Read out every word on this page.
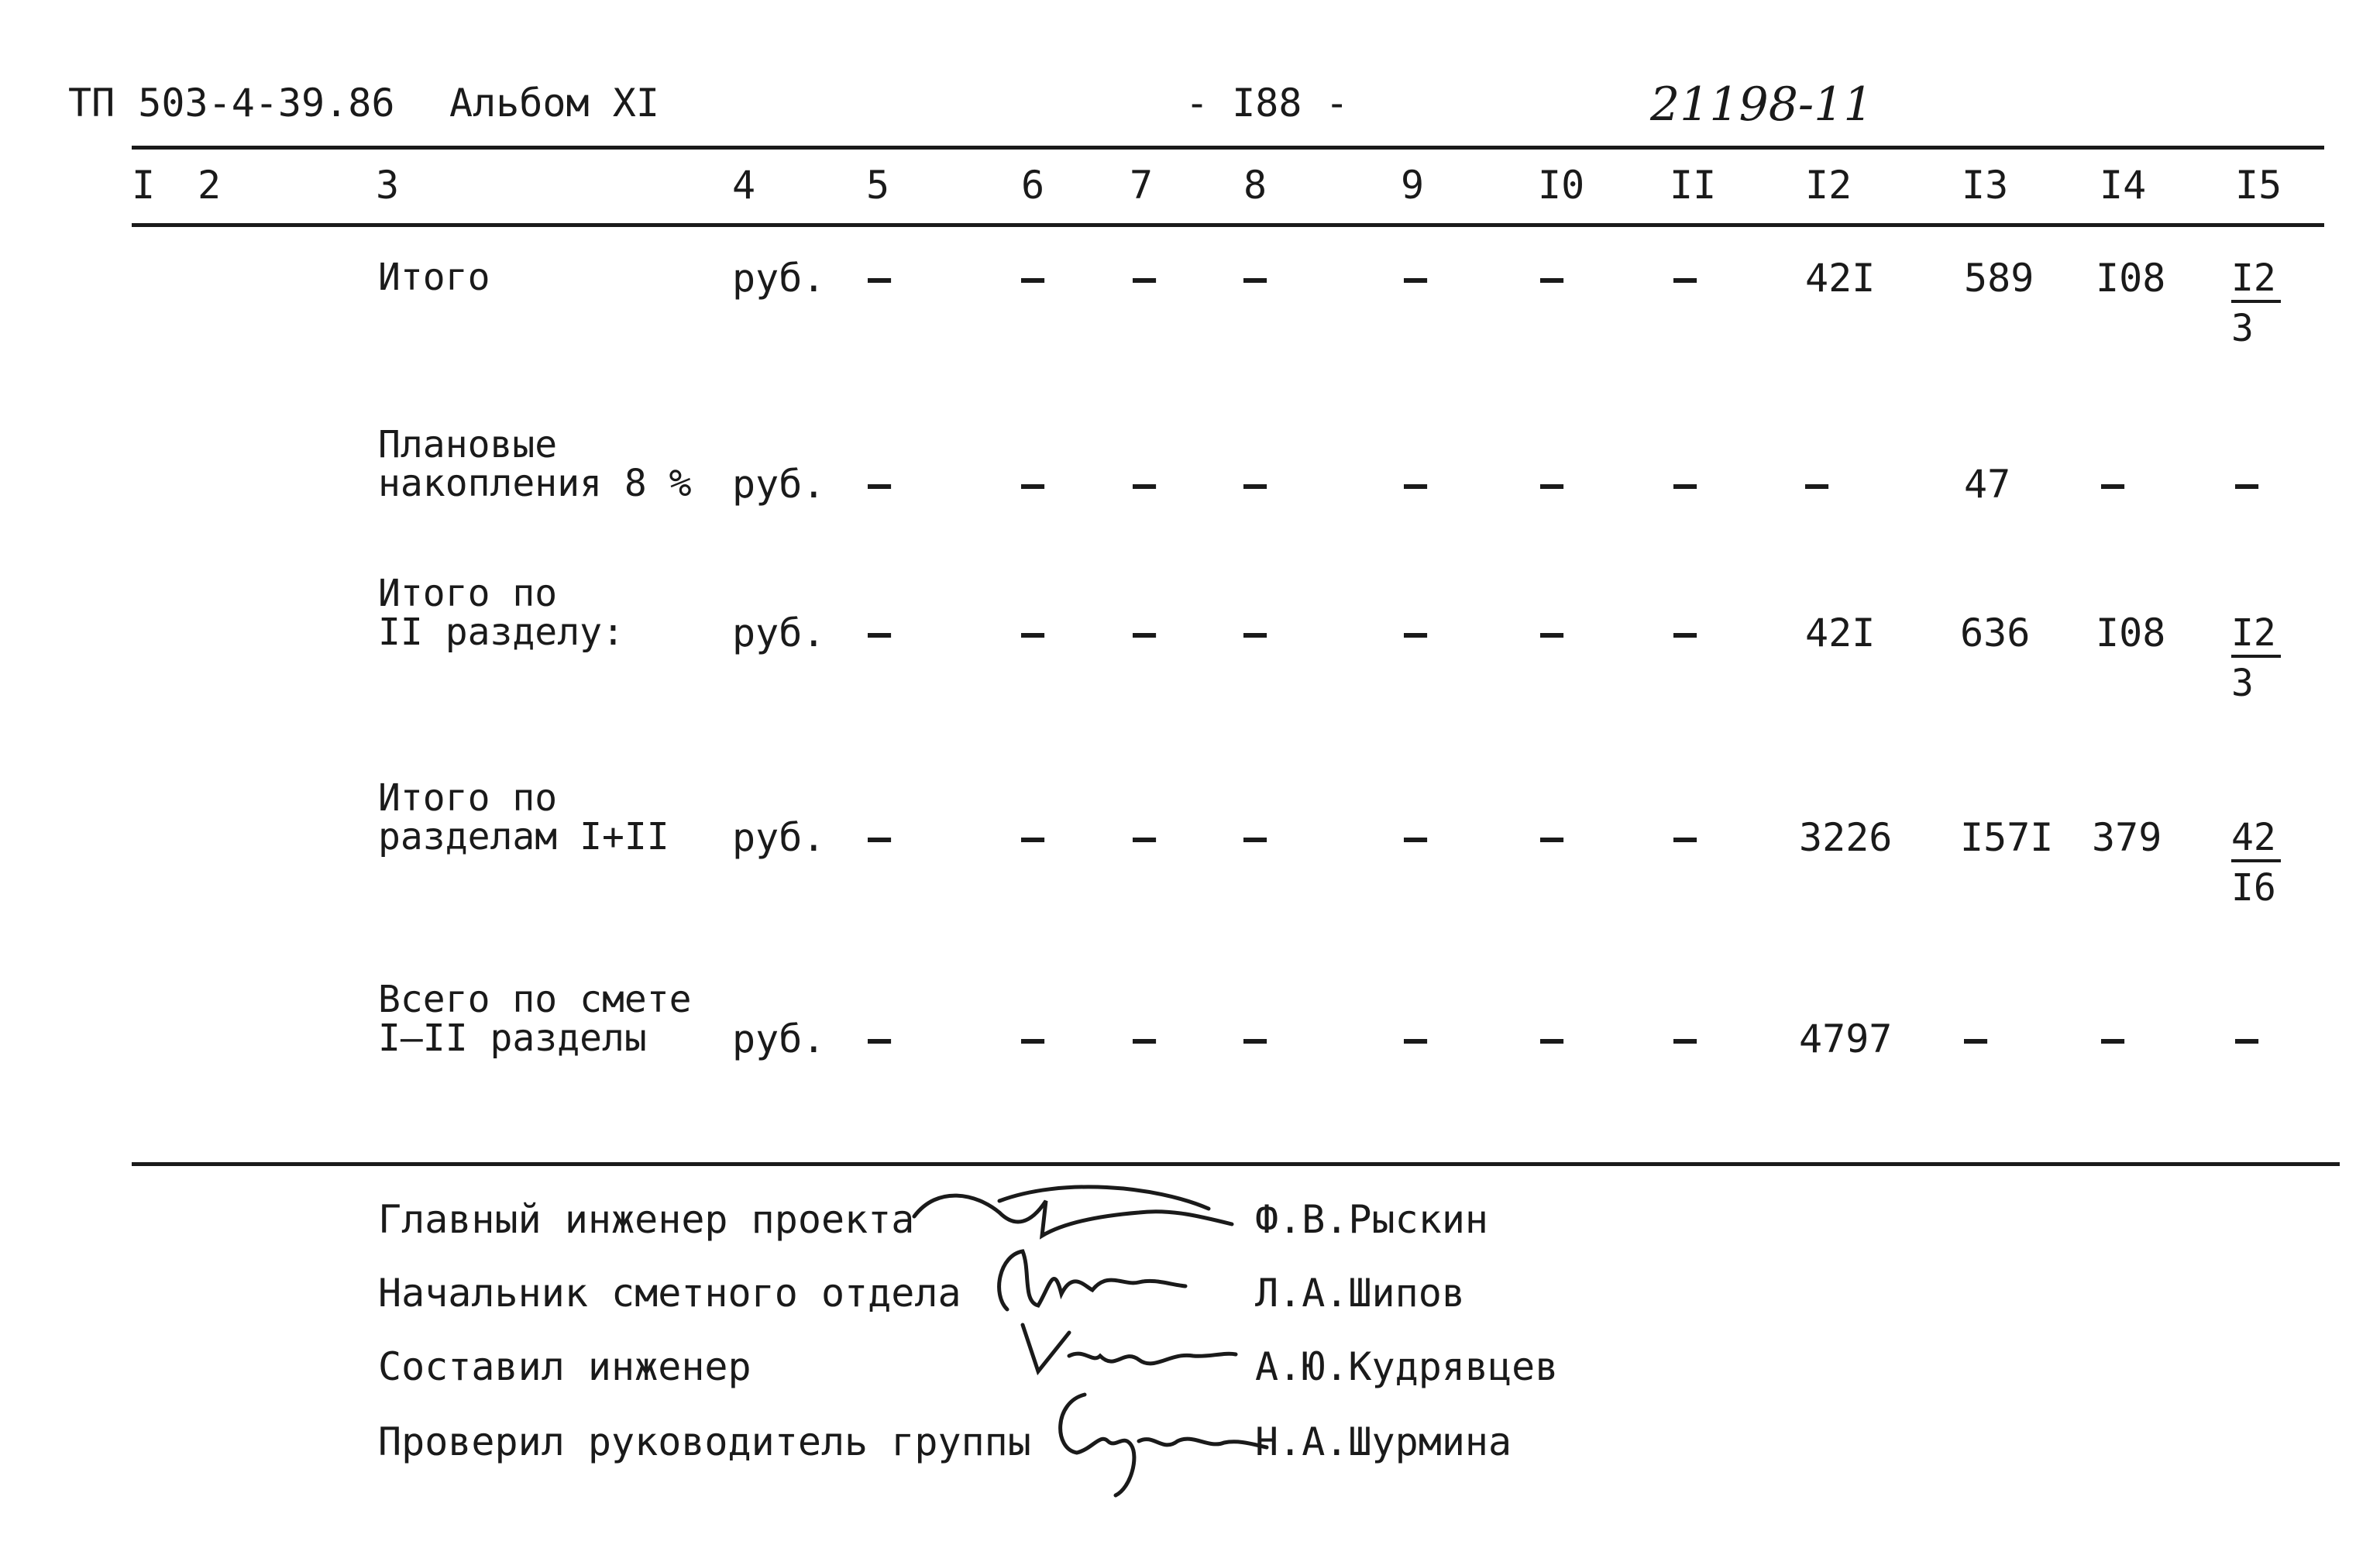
ТП 503-4-39.86 Альбом XI	- I88 -	21198-11
I 2	3	4	5	6 7 8	9	I0 II I2	I3 I4 I5
Итого	руб. –	– – –	–	–	–	42I 589 $I08 \frac{I2}{3}$
Плановые
накопления 8 % руб. –	– – –	–	–	–	–	47 –	–
Итого по
II разделу:	руб. –	– – –	–	–	–	42I 636 $I08 \frac{I2}{3}$
Итого по
разделам I+II руб. –	– – –	–	–	–	3226 I57I $379 \frac{42}{I6}$
Всего по смете
I–II разделы руб. –	– – –	–	–	–	4797 –	–	–
Главный инженер проекта	Ф.В.Рыскин
Начальник сметного отдела	Л.А.Шипов
Составил инженер	А.Ю.Кудрявцев
Проверил руководитель группы	Н.А.Шурмина
